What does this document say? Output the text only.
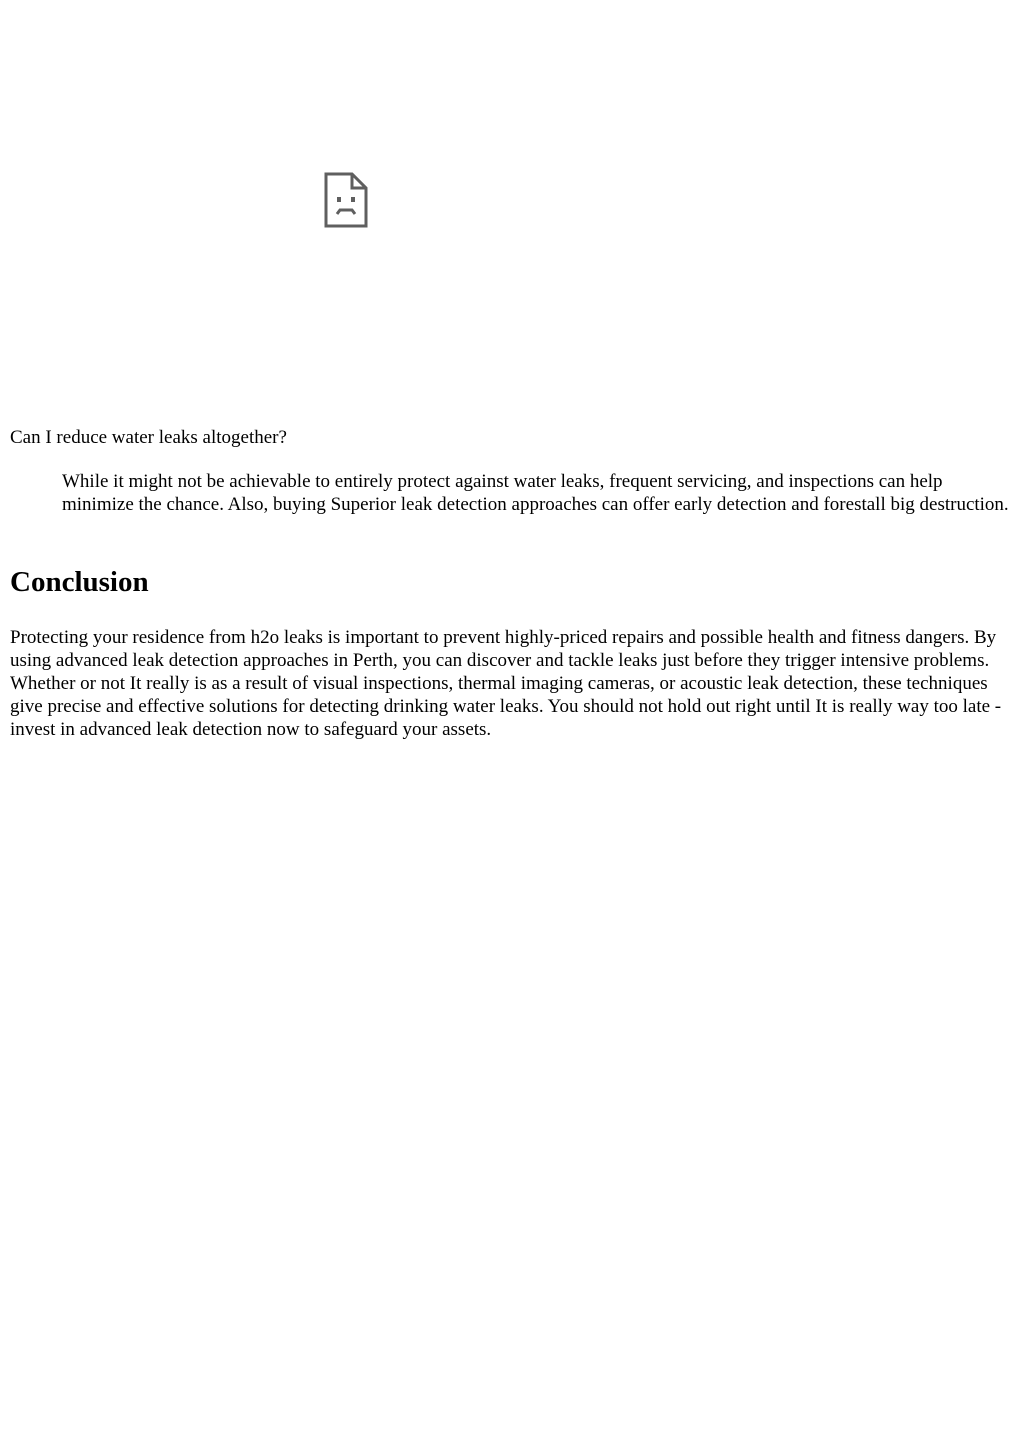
Can I reduce water leaks altogether?

While it might not be achievable to entirely protect against water leaks, frequent servicing, and inspections can help minimize the chance. Also, buying Superior leak detection approaches can offer early detection and forestall big destruction.

Conclusion

Protecting your residence from h2o leaks is important to prevent highly-priced repairs and possible health and fitness dangers. By using advanced leak detection approaches in Perth, you can discover and tackle leaks just before they trigger intensive problems. Whether or not It really is as a result of visual inspections, thermal imaging cameras, or acoustic leak detection, these techniques give precise and effective solutions for detecting drinking water leaks. You should not hold out right until It is really way too late - invest in advanced leak detection now to safeguard your assets.
